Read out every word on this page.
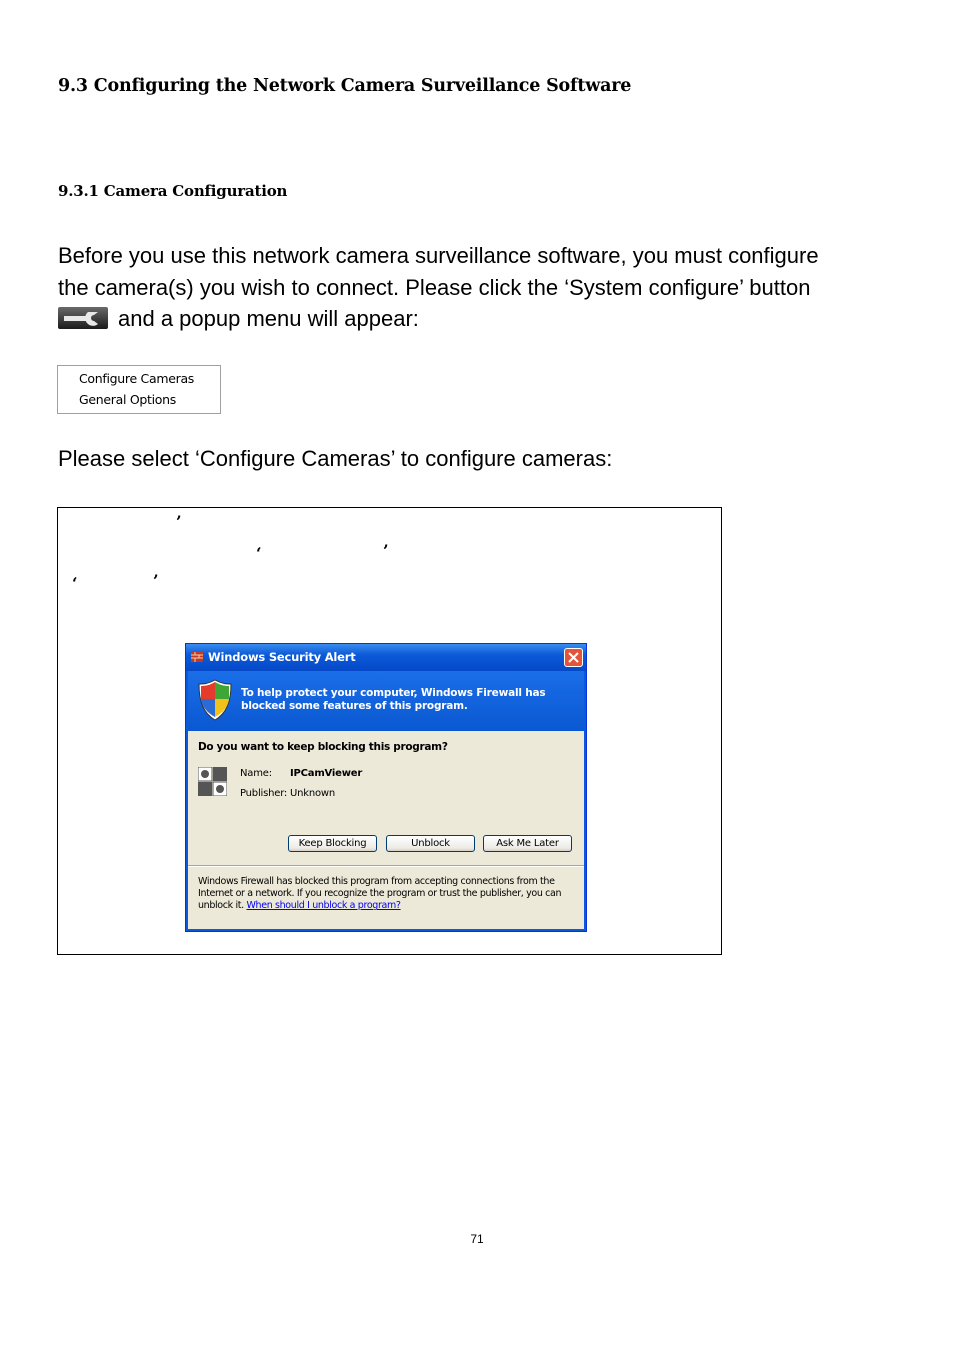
9.3 Configuring the Network Camera Surveillance Software
9.3.1 Camera Configuration
Before you use this network camera surveillance software, you must configure
the camera(s) you wish to connect. Please click the ‘System configure’ button
and a popup menu will appear:
Configure Cameras
General Options
Please select ‘Configure Cameras’ to configure cameras:
’
‘	’
‘	’
Windows Security Alert
To help protect your computer, Windows Firewall has blocked some features of this program.
Do you want to keep blocking this program?
Name: IPCamViewer
Publisher: Unknown
Keep Blocking	Unblock	Ask Me Later
Windows Firewall has blocked this program from accepting connections from the Internet or a network. If you recognize the program or trust the publisher, you can unblock it. When should I unblock a program?
71
